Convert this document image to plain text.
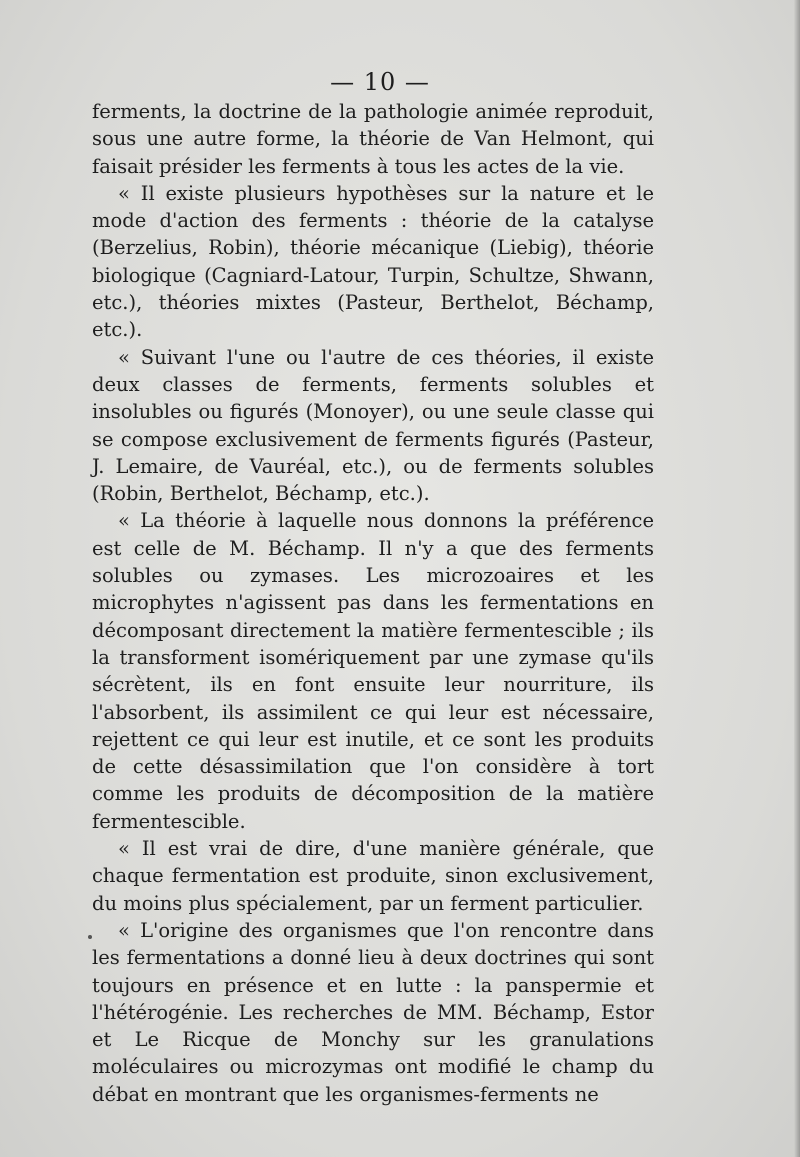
— 10 —

ferments, la doctrine de la pathologie animée reproduit, sous une autre forme, la théorie de Van Helmont, qui faisait présider les ferments à tous les actes de la vie.

« Il existe plusieurs hypothèses sur la nature et le mode d'action des ferments : théorie de la catalyse (Berzelius, Robin), théorie mécanique (Liebig), théorie biologique (Cagniard-Latour, Turpin, Schultze, Shwann, etc.), théories mixtes (Pasteur, Berthelot, Béchamp, etc.).

« Suivant l'une ou l'autre de ces théories, il existe deux classes de ferments, ferments solubles et insolubles ou figurés (Monoyer), ou une seule classe qui se compose exclusivement de ferments figurés (Pasteur, J. Lemaire, de Vauréal, etc.), ou de ferments solubles (Robin, Berthelot, Béchamp, etc.).

« La théorie à laquelle nous donnons la préférence est celle de M. Béchamp. Il n'y a que des ferments solubles ou zymases. Les microzoaires et les microphytes n'agissent pas dans les fermentations en décomposant directement la matière fermentescible ; ils la transforment isomériquement par une zymase qu'ils sécrètent, ils en font ensuite leur nourriture, ils l'absorbent, ils assimilent ce qui leur est nécessaire, rejettent ce qui leur est inutile, et ce sont les produits de cette désassimilation que l'on considère à tort comme les produits de décomposition de la matière fermentescible.

« Il est vrai de dire, d'une manière générale, que chaque fermentation est produite, sinon exclusivement, du moins plus spécialement, par un ferment particulier.

« L'origine des organismes que l'on rencontre dans les fermentations a donné lieu à deux doctrines qui sont toujours en présence et en lutte : la panspermie et l'hétérogénie. Les recherches de MM. Béchamp, Estor et Le Ricque de Monchy sur les granulations moléculaires ou microzymas ont modifié le champ du débat en montrant que les organismes-ferments ne
